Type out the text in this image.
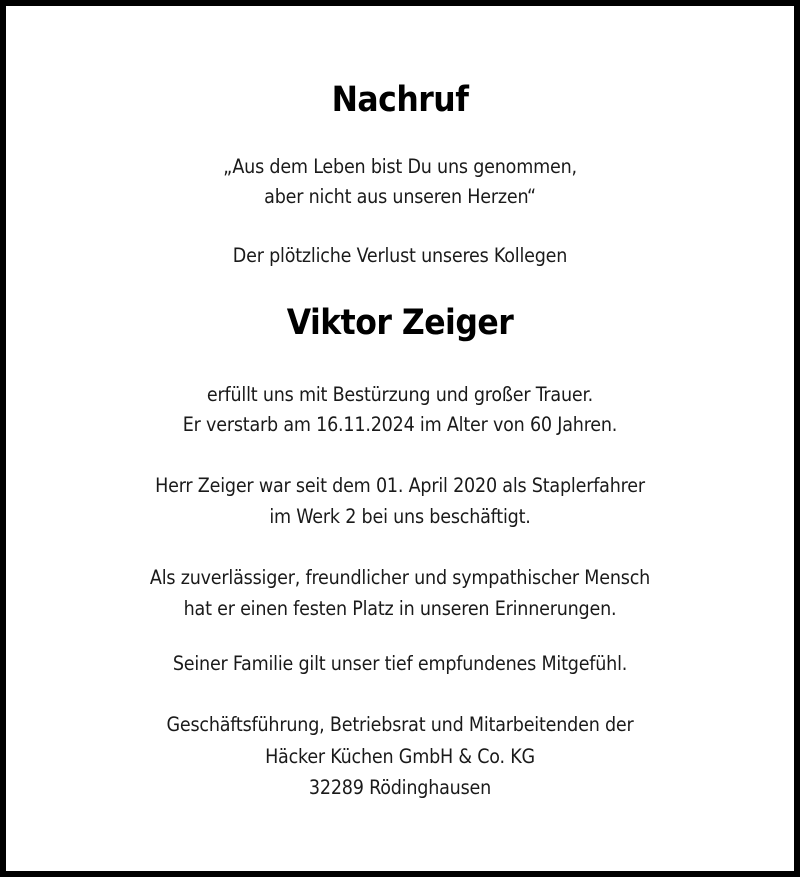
Nachruf
„Aus dem Leben bist Du uns genommen,
aber nicht aus unseren Herzen“
Der plötzliche Verlust unseres Kollegen
Viktor Zeiger
erfüllt uns mit Bestürzung und großer Trauer.
Er verstarb am 16.11.2024 im Alter von 60 Jahren.
Herr Zeiger war seit dem 01. April 2020 als Staplerfahrer
im Werk 2 bei uns beschäftigt.
Als zuverlässiger, freundlicher und sympathischer Mensch
hat er einen festen Platz in unseren Erinnerungen.
Seiner Familie gilt unser tief empfundenes Mitgefühl.
Geschäftsführung, Betriebsrat und Mitarbeitenden der
Häcker Küchen GmbH & Co. KG
32289 Rödinghausen
